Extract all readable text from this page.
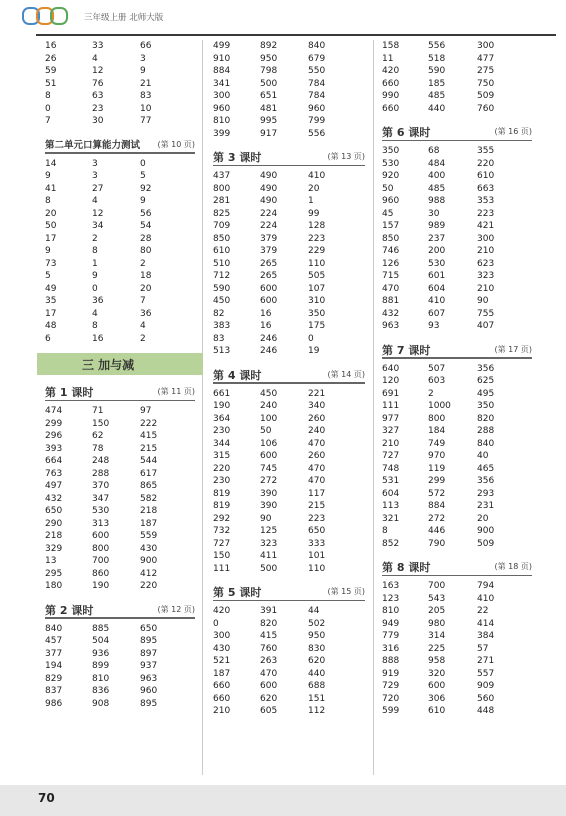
三年级上册 北师大版
16	33	66
26	4	3
59	12	9
51	76	21
8	63	83
0	23	10
7	30	77
第二单元口算能力测试 (第 10 页)
14	3	0
9	3	5
41	27	92
8	4	9
20	12	56
50	34	54
17	2	28
9	8	80
73	1	2
5	9	18
49	0	20
35	36	7
17	4	36
48	8	4
6	16	2
三 加与减
第 1 课时	(第 11 页)
474	71	97
299	150	222
296	62	415
393	78	215
664	248	544
763	288	617
497	370	865
432	347	582
650	530	218
290	313	187
218	600	559
329	800	430
13	700	900
295	860	412
180	190	220
第 2 课时	(第 12 页)
840	885	650
457	504	895
377	936	897
194	899	937
829	810	963
837	836	960
986	908	895
499	892	840
910	950	679
884	798	550
341	500	784
300	651	784
960	481	960
810	995	799
399	917	556
第 3 课时	(第 13 页)
437	490	410
800	490	20
281	490	1
825	224	99
709	224	128
850	379	223
610	379	229
510	265	110
712	265	505
590	600	107
450	600	310
82	16	350
383	16	175
83	246	0
513	246	19
第 4 课时	(第 14 页)
661	450	221
190	240	340
364	100	260
230	50	240
344	106	470
315	600	260
220	745	470
230	272	470
819	390	117
819	390	215
292	90	223
732	125	650
727	323	333
150	411	101
111	500	110
第 5 课时	(第 15 页)
420	391	44
0	820	502
300	415	950
430	760	830
521	263	620
187	470	440
660	600	688
660	620	151
210	605	112
158	556	300
11	518	477
420	590	275
660	185	750
990	485	509
660	440	760
第 6 课时	(第 16 页)
350	68	355
530	484	220
920	400	610
50	485	663
960	988	353
45	30	223
157	989	421
850	237	300
746	200	210
126	530	623
715	601	323
470	604	210
881	410	90
432	607	755
963	93	407
第 7 课时	(第 17 页)
640	507	356
120	603	625
691	2	495
111	1000	350
977	800	820
327	184	288
210	749	840
727	970	40
748	119	465
531	299	356
604	572	293
113	884	231
321	272	20
8	446	900
852	790	509
第 8 课时	(第 18 页)
163	700	794
123	543	410
810	205	22
949	980	414
779	314	384
316	225	57
888	958	271
919	320	557
729	600	909
720	306	560
599	610	448
70
